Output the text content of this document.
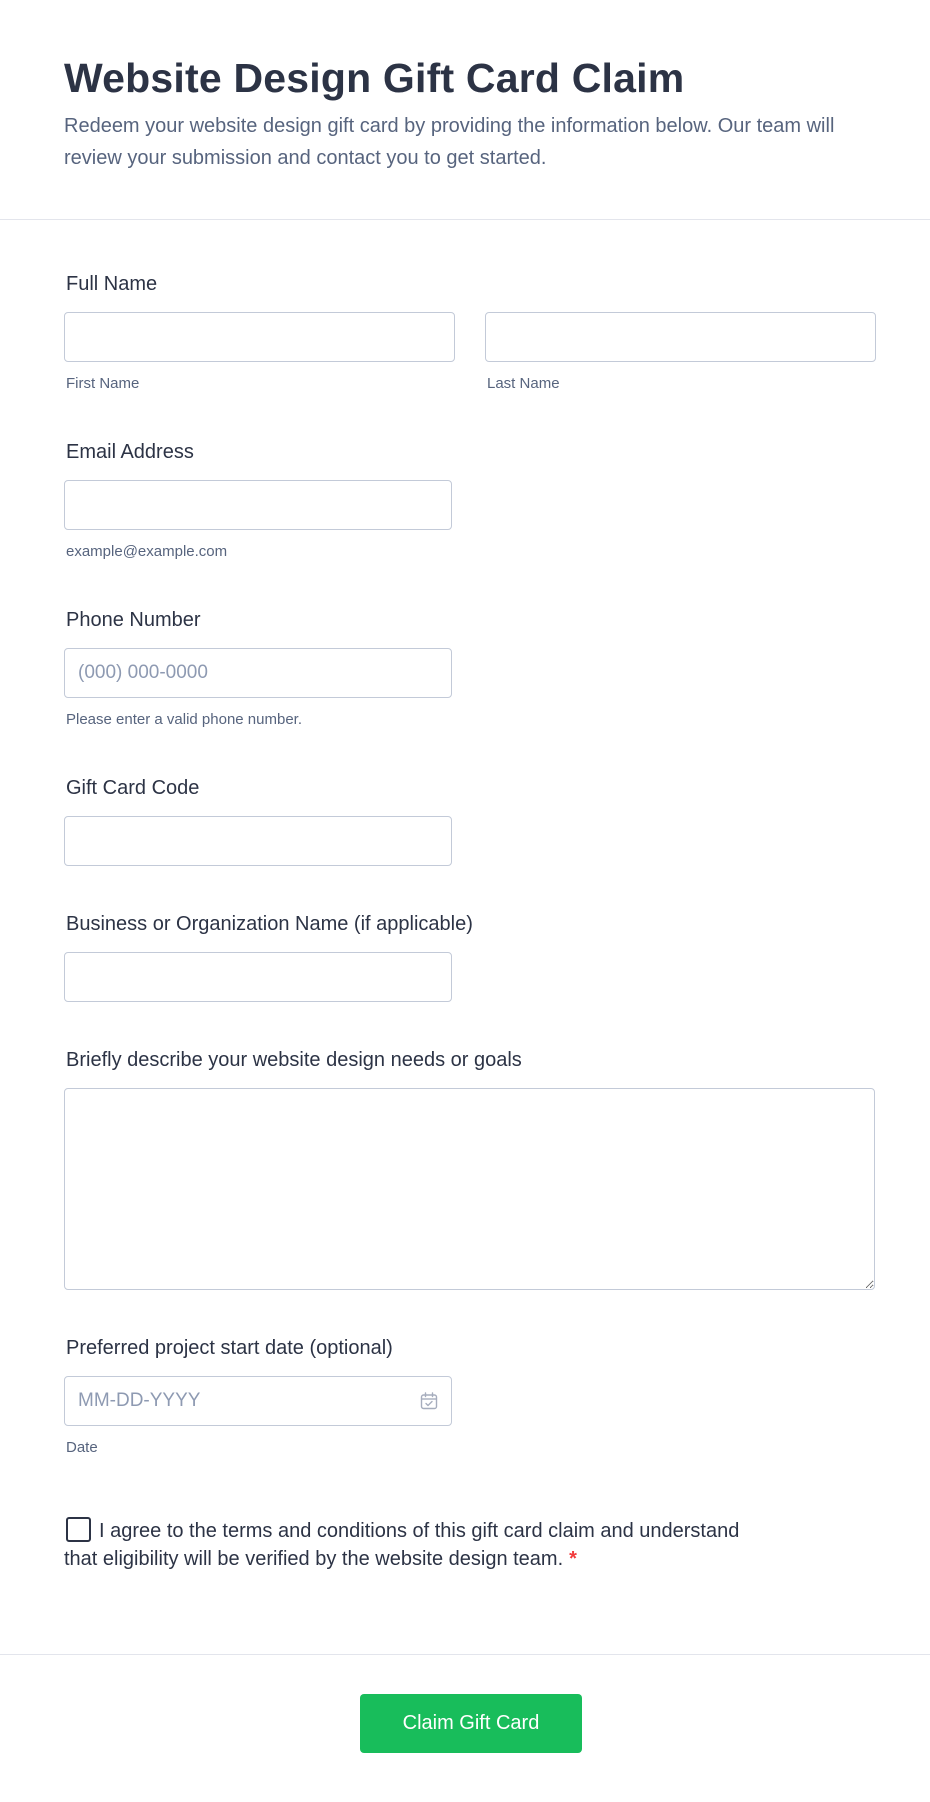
Website Design Gift Card Claim

Redeem your website design gift card by providing the information below. Our team will review your submission and contact you to get started.

Full Name
First Name	Last Name
Email Address
example@example.com
Phone Number
(000) 000-0000
Please enter a valid phone number.
Gift Card Code
Business or Organization Name (if applicable)
Briefly describe your website design needs or goals
Preferred project start date (optional)
MM-DD-YYYY
Date
I agree to the terms and conditions of this gift card claim and understand that eligibility will be verified by the website design team. *
Claim Gift Card
